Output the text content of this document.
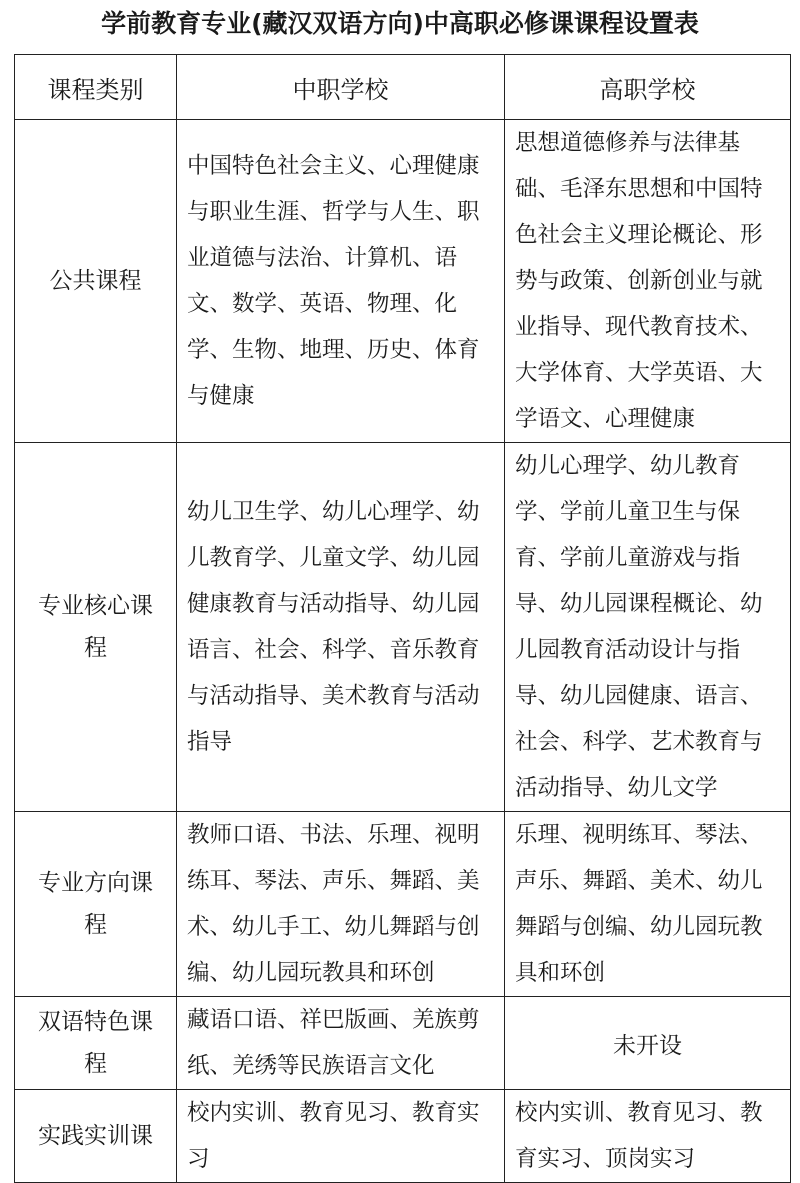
学前教育专业(藏汉双语方向)中高职必修课课程设置表
课程类别	中职学校	高职学校
公共课程	中国特色社会主义、心理健康与职业生涯、哲学与人生、职业道德与法治、计算机、语文、数学、英语、物理、化学、生物、地理、历史、体育与健康	思想道德修养与法律基础、毛泽东思想和中国特色社会主义理论概论、形势与政策、创新创业与就业指导、现代教育技术、大学体育、大学英语、大学语文、心理健康
专业核心课程	幼儿卫生学、幼儿心理学、幼儿教育学、儿童文学、幼儿园健康教育与活动指导、幼儿园语言、社会、科学、音乐教育与活动指导、美术教育与活动指导	幼儿心理学、幼儿教育学、学前儿童卫生与保育、学前儿童游戏与指导、幼儿园课程概论、幼儿园教育活动设计与指导、幼儿园健康、语言、社会、科学、艺术教育与活动指导、幼儿文学
专业方向课程	教师口语、书法、乐理、视明练耳、琴法、声乐、舞蹈、美术、幼儿手工、幼儿舞蹈与创编、幼儿园玩教具和环创	乐理、视明练耳、琴法、声乐、舞蹈、美术、幼儿舞蹈与创编、幼儿园玩教具和环创
双语特色课程	藏语口语、祥巴版画、羌族剪纸、羌绣等民族语言文化	未开设
实践实训课	校内实训、教育见习、教育实习	校内实训、教育见习、教育实习、顶岗实习
